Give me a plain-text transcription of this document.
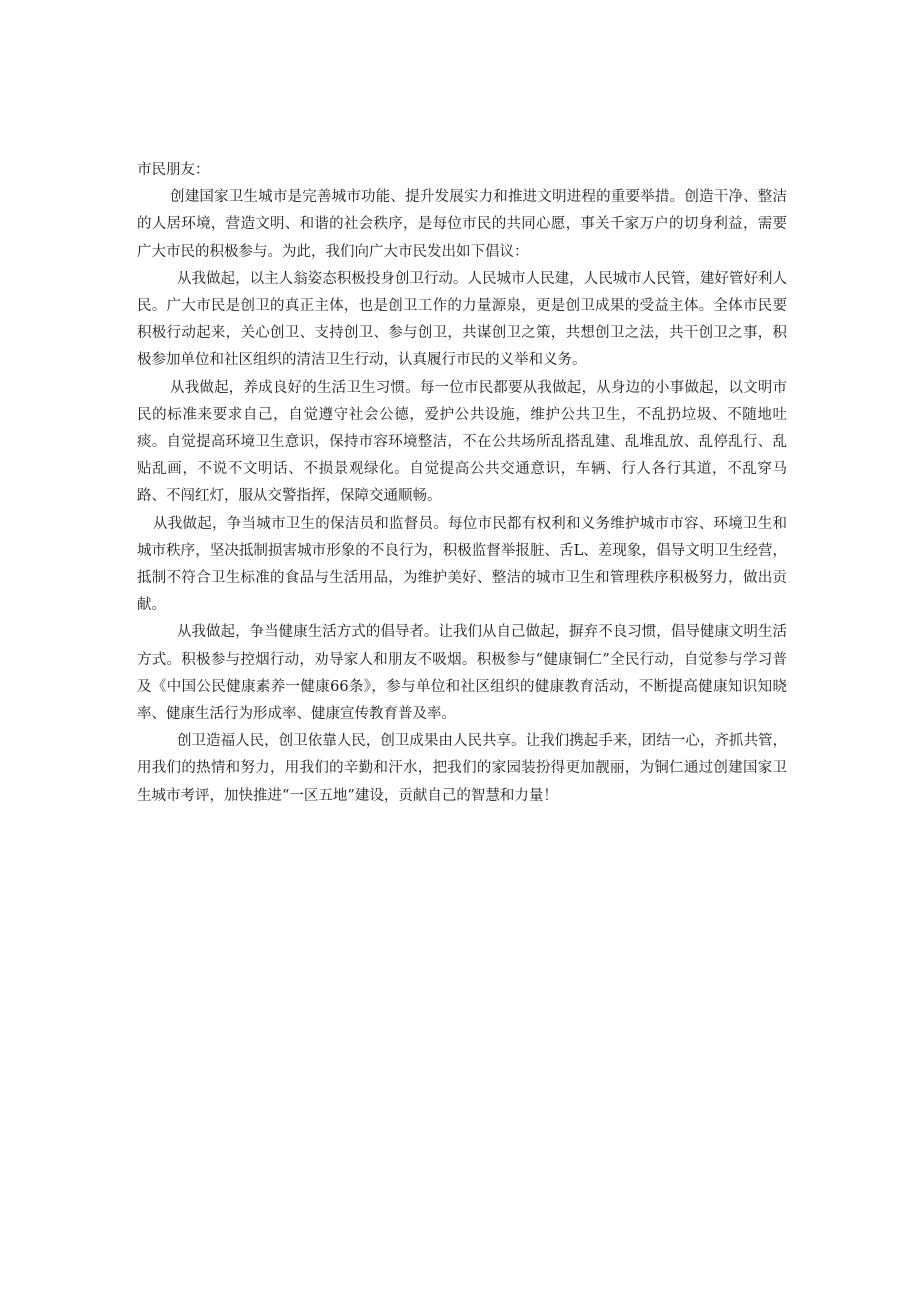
市民朋友：

创建国家卫生城市是完善城市功能、提升发展实力和推进文明进程的重要举措。创造干净、整洁的人居环境，营造文明、和谐的社会秩序，是每位市民的共同心愿，事关千家万户的切身利益，需要广大市民的积极参与。为此，我们向广大市民发出如下倡议：

从我做起，以主人翁姿态积极投身创卫行动。人民城市人民建，人民城市人民管，建好管好利人民。广大市民是创卫的真正主体，也是创卫工作的力量源泉，更是创卫成果的受益主体。全体市民要积极行动起来，关心创卫、支持创卫、参与创卫，共谋创卫之策，共想创卫之法，共干创卫之事，积极参加单位和社区组织的清洁卫生行动，认真履行市民的义举和义务。

从我做起，养成良好的生活卫生习惯。每一位市民都要从我做起，从身边的小事做起，以文明市民的标准来要求自己，自觉遵守社会公德，爱护公共设施，维护公共卫生，不乱扔垃圾、不随地吐痰。自觉提高环境卫生意识，保持市容环境整洁，不在公共场所乱搭乱建、乱堆乱放、乱停乱行、乱贴乱画，不说不文明话、不损景观绿化。自觉提高公共交通意识，车辆、行人各行其道，不乱穿马路、不闯红灯，服从交警指挥，保障交通顺畅。

从我做起，争当城市卫生的保洁员和监督员。每位市民都有权利和义务维护城市市容、环境卫生和城市秩序，坚决抵制损害城市形象的不良行为，积极监督举报脏、舌L、差现象，倡导文明卫生经营，抵制不符合卫生标准的食品与生活用品，为维护美好、整洁的城市卫生和管理秩序积极努力，做出贡献。

从我做起，争当健康生活方式的倡导者。让我们从自己做起，摒弃不良习惯，倡导健康文明生活方式。积极参与控烟行动，劝导家人和朋友不吸烟。积极参与“健康铜仁”全民行动，自觉参与学习普及《中国公民健康素养一健康66条》，参与单位和社区组织的健康教育活动，不断提高健康知识知晓率、健康生活行为形成率、健康宣传教育普及率。

创卫造福人民，创卫依靠人民，创卫成果由人民共享。让我们携起手来，团结一心，齐抓共管，用我们的热情和努力，用我们的辛勤和汗水，把我们的家园装扮得更加靓丽，为铜仁通过创建国家卫生城市考评，加快推进“一区五地”建设，贡献自己的智慧和力量！
